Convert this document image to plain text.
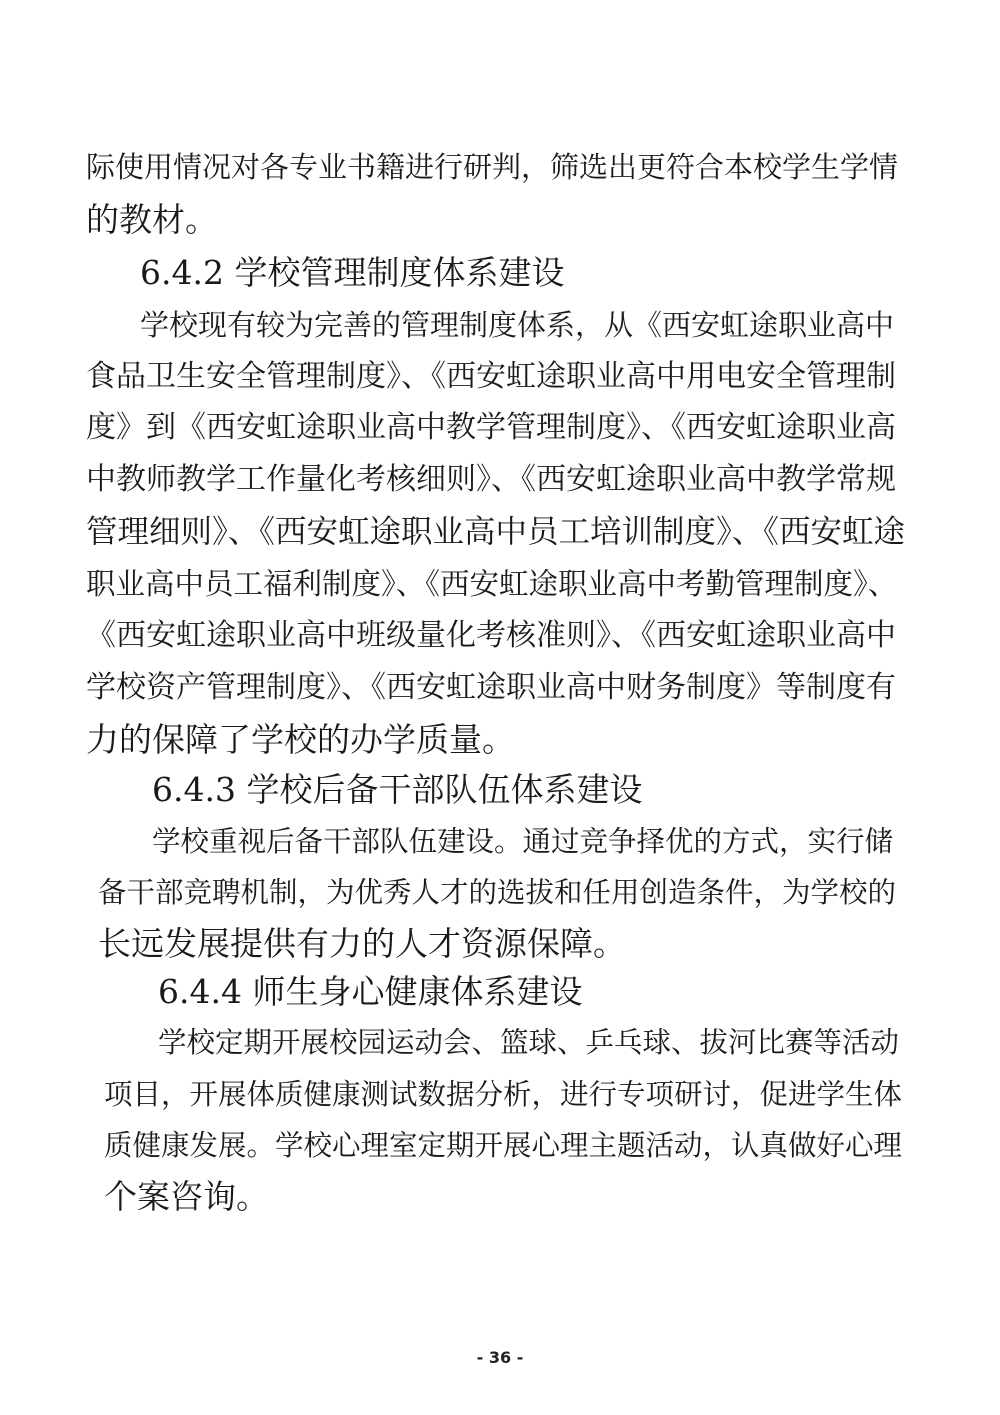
际使用情况对各专业书籍进行研判，筛选出更符合本校学生学情

的教材。

6.4.2 学校管理制度体系建设

学校现有较为完善的管理制度体系，从《西安虹途职业高中

食品卫生安全管理制度》、《西安虹途职业高中用电安全管理制

度》到《西安虹途职业高中教学管理制度》、《西安虹途职业高

中教师教学工作量化考核细则》、《西安虹途职业高中教学常规

管理细则》、《西安虹途职业高中员工培训制度》、《西安虹途

职业高中员工福利制度》、《西安虹途职业高中考勤管理制度》、

《西安虹途职业高中班级量化考核准则》、《西安虹途职业高中

学校资产管理制度》、《西安虹途职业高中财务制度》等制度有

力的保障了学校的办学质量。

6.4.3 学校后备干部队伍体系建设

学校重视后备干部队伍建设。通过竞争择优的方式，实行储

备干部竞聘机制，为优秀人才的选拔和任用创造条件，为学校的

长远发展提供有力的人才资源保障。

6.4.4 师生身心健康体系建设

学校定期开展校园运动会、篮球、乒乓球、拔河比赛等活动

项目，开展体质健康测试数据分析，进行专项研讨，促进学生体

质健康发展。学校心理室定期开展心理主题活动，认真做好心理

个案咨询。

- 36 -
